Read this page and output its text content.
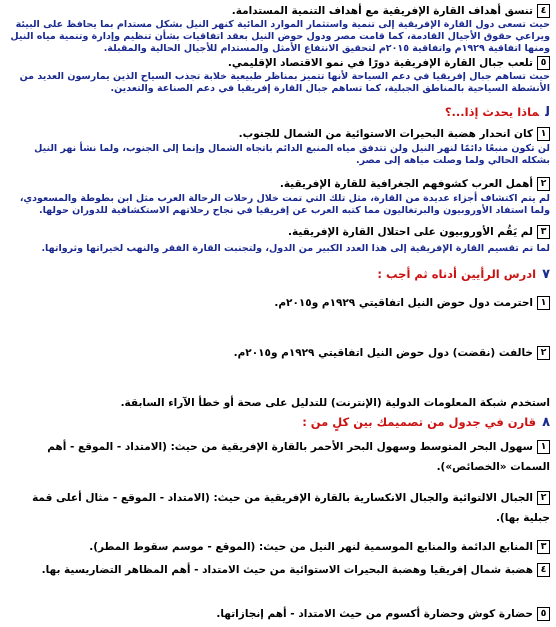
٤تنسق أهداف القارة الإفريقية مع أهداف التنمية المستدامة.
حيث تسعى دول القارة الإفريقية إلى تنمية واستثمار الموارد المائية كنهر النيل بشكل مستدام بما يحافظ على البيئة ويراعي حقوق الأجيال القادمة، كما قامت مصر ودول حوض النيل بعقد اتفاقيات بشأن تنظيم وإدارة وتنمية مياه النيل ومنها اتفاقية ١٩٢٩م واتفاقية ٢٠١٥م لتحقيق الانتفاع الأمثل والمستدام للأجيال الحالية والمقبلة.
٥تلعب جبال القارة الإفريقية دورًا في نمو الاقتصاد الإقليمي.
حيث تساهم جبال إفريقيا في دعم السياحة لأنها تتميز بمناظر طبيعية خلابة تجذب السياح الذين يمارسون العديد من الأنشطة السياحية بالمناطق الجبلية، كما تساهم جبال القارة إفريقيا في دعم الصناعة والتعدين.
لماذا يحدث إذا...؟
١كان انحدار هضبة البحيرات الاستوائية من الشمال للجنوب.
لن تكون منبعًا دائمًا لنهر النيل ولن تتدفق مياه المنبع الدائم باتجاه الشمال وإنما إلى الجنوب، ولما نشأ نهر النيل بشكله الحالي ولما وصلت مياهه إلى مصر.
٢أهمل العرب كشوفهم الجغرافية للقارة الإفريقية.
لم يتم اكتشاف أجزاء عديدة من القارة، مثل تلك التي تمت خلال رحلات الرحالة العرب مثل ابن بطوطة والمسعودي، ولما استفاد الأوروبيون والبرتغاليون مما كتبه العرب عن إفريقيا في نجاح رحلاتهم الاستكشافية للدوران حولها.
٣لم يَقُم الأوروبيون على احتلال القارة الإفريقية.
لما تم تقسيم القارة الإفريقية إلى هذا العدد الكبير من الدول، ولتجنبت القارة الفقر والنهب لخيراتها وثرواتها.
٧ادرس الرأيين أدناه ثم أجب :
١احترمت دول حوض النيل اتفاقيتي ١٩٢٩م و٢٠١٥م.
٢خالفت (نقضت) دول حوض النيل اتفاقيتي ١٩٢٩م و٢٠١٥م.
استخدم شبكة المعلومات الدولية (الإنترنت) للتدليل على صحة أو خطأ الآراء السابقة.
٨قارن في جدول من تصميمك بين كلٍ من :
١سهول البحر المتوسط وسهول البحر الأحمر بالقارة الإفريقية من حيث: (الامتداد - الموقع - أهم السمات «الخصائص»).
٢الجبال الالتوائية والجبال الانكسارية بالقارة الإفريقية من حيث: (الامتداد - الموقع - مثال أعلى قمة جبلية بها).
٣المنابع الدائمة والمنابع الموسمية لنهر النيل من حيث: (الموقع - موسم سقوط المطر).
٤هضبة شمال إفريقيا وهضبة البحيرات الاستوائية من حيث الامتداد - أهم المظاهر التضاريسية بها.
٥حضارة كوش وحضارة أكسوم من حيث الامتداد - أهم إنجازاتها.
